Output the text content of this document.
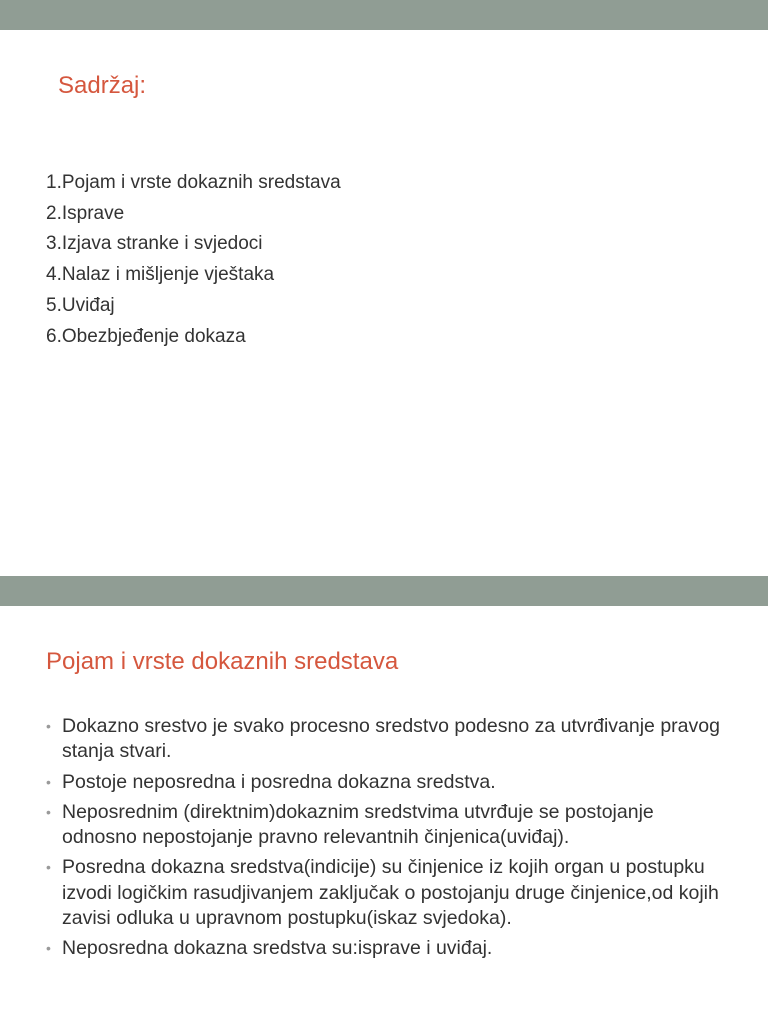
Sadržaj:
1.Pojam i vrste dokaznih sredstava
2.Isprave
3.Izjava stranke i svjedoci
4.Nalaz i mišljenje vještaka
5.Uviđaj
6.Obezbjeđenje dokaza
Pojam i vrste dokaznih sredstava
• Dokazno srestvo je svako procesno sredstvo podesno za utvrđivanje pravog stanja stvari.
• Postoje neposredna i posredna dokazna sredstva.
• Neposrednim (direktnim)dokaznim sredstvima utvrđuje se postojanje odnosno nepostojanje pravno relevantnih činjenica(uviđaj).
• Posredna dokazna sredstva(indicije) su činjenice iz kojih organ u postupku izvodi logičkim rasudjivanjem zaključak o postojanju druge činjenice,od kojih zavisi odluka u upravnom postupku(iskaz svjedoka).
• Neposredna dokazna sredstva su:isprave i uviđaj.
